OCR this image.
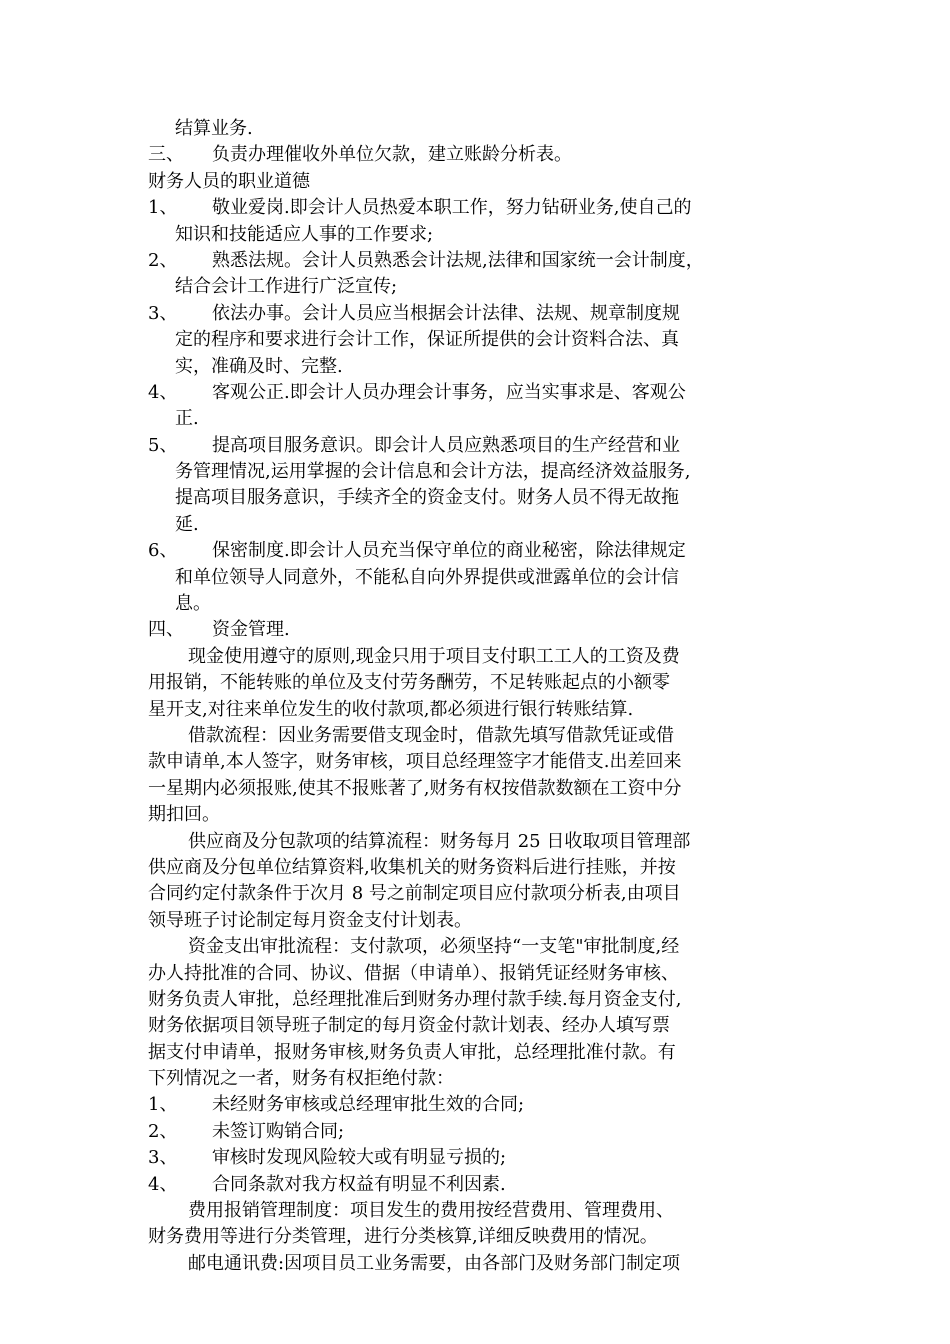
结算业务.
三、 负责办理催收外单位欠款，建立账龄分析表。
财务人员的职业道德
1、 敬业爱岗.即会计人员热爱本职工作，努力钻研业务,使自己的
知识和技能适应人事的工作要求;
2、 熟悉法规。会计人员熟悉会计法规,法律和国家统一会计制度，
结合会计工作进行广泛宣传;
3、 依法办事。会计人员应当根据会计法律、法规、规章制度规
定的程序和要求进行会计工作，保证所提供的会计资料合法、真
实，准确及时、完整.
4、 客观公正.即会计人员办理会计事务，应当实事求是、客观公
正.
5、 提高项目服务意识。即会计人员应熟悉项目的生产经营和业
务管理情况,运用掌握的会计信息和会计方法，提高经济效益服务,
提高项目服务意识，手续齐全的资金支付。财务人员不得无故拖
延.
6、 保密制度.即会计人员充当保守单位的商业秘密，除法律规定
和单位领导人同意外，不能私自向外界提供或泄露单位的会计信
息。
四、 资金管理.
现金使用遵守的原则,现金只用于项目支付职工工人的工资及费
用报销，不能转账的单位及支付劳务酬劳，不足转账起点的小额零
星开支,对往来单位发生的收付款项,都必须进行银行转账结算.
借款流程：因业务需要借支现金时，借款先填写借款凭证或借
款申请单,本人签字，财务审核，项目总经理签字才能借支.出差回来
一星期内必须报账,使其不报账著了,财务有权按借款数额在工资中分
期扣回。
供应商及分包款项的结算流程：财务每月 25 日收取项目管理部
供应商及分包单位结算资料,收集机关的财务资料后进行挂账，并按
合同约定付款条件于次月 8 号之前制定项目应付款项分析表,由项目
领导班子讨论制定每月资金支付计划表。
资金支出审批流程：支付款项，必须坚持“一支笔"审批制度,经
办人持批准的合同、协议、借据（申请单）、报销凭证经财务审核、
财务负责人审批，总经理批准后到财务办理付款手续.每月资金支付,
财务依据项目领导班子制定的每月资金付款计划表、经办人填写票
据支付申请单，报财务审核,财务负责人审批，总经理批准付款。有
下列情况之一者，财务有权拒绝付款：
1、 未经财务审核或总经理审批生效的合同;
2、 未签订购销合同;
3、 审核时发现风险较大或有明显亏损的;
4、 合同条款对我方权益有明显不利因素.
费用报销管理制度：项目发生的费用按经营费用、管理费用、
财务费用等进行分类管理，进行分类核算,详细反映费用的情况。
邮电通讯费:因项目员工业务需要，由各部门及财务部门制定项
